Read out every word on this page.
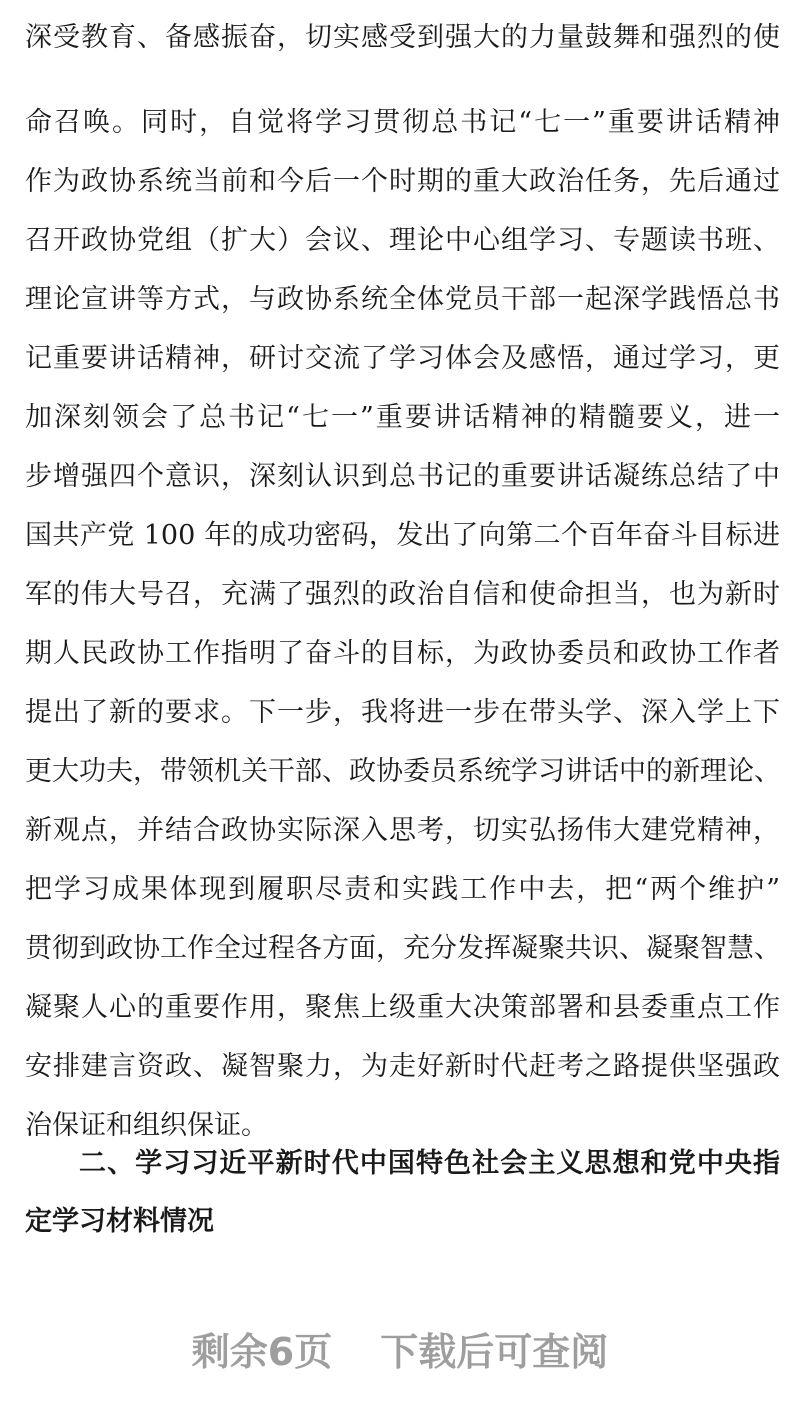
深受教育、备感振奋，切实感受到强大的力量鼓舞和强烈的使
命召唤。同时，自觉将学习贯彻总书记“七一”重要讲话精神
作为政协系统当前和今后一个时期的重大政治任务，先后通过
召开政协党组（扩大）会议、理论中心组学习、专题读书班、
理论宣讲等方式，与政协系统全体党员干部一起深学践悟总书
记重要讲话精神，研讨交流了学习体会及感悟，通过学习，更
加深刻领会了总书记“七一”重要讲话精神的精髓要义，进一
步增强四个意识，深刻认识到总书记的重要讲话凝练总结了中
国共产党 100 年的成功密码，发出了向第二个百年奋斗目标进
军的伟大号召，充满了强烈的政治自信和使命担当，也为新时
期人民政协工作指明了奋斗的目标，为政协委员和政协工作者
提出了新的要求。下一步，我将进一步在带头学、深入学上下
更大功夫，带领机关干部、政协委员系统学习讲话中的新理论、
新观点，并结合政协实际深入思考，切实弘扬伟大建党精神，
把学习成果体现到履职尽责和实践工作中去，把“两个维护”
贯彻到政协工作全过程各方面，充分发挥凝聚共识、凝聚智慧、
凝聚人心的重要作用，聚焦上级重大决策部署和县委重点工作
安排建言资政、凝智聚力，为走好新时代赶考之路提供坚强政
治保证和组织保证。
二、学习习近平新时代中国特色社会主义思想和党中央指
定学习材料情况
剩余6页 下载后可查阅
